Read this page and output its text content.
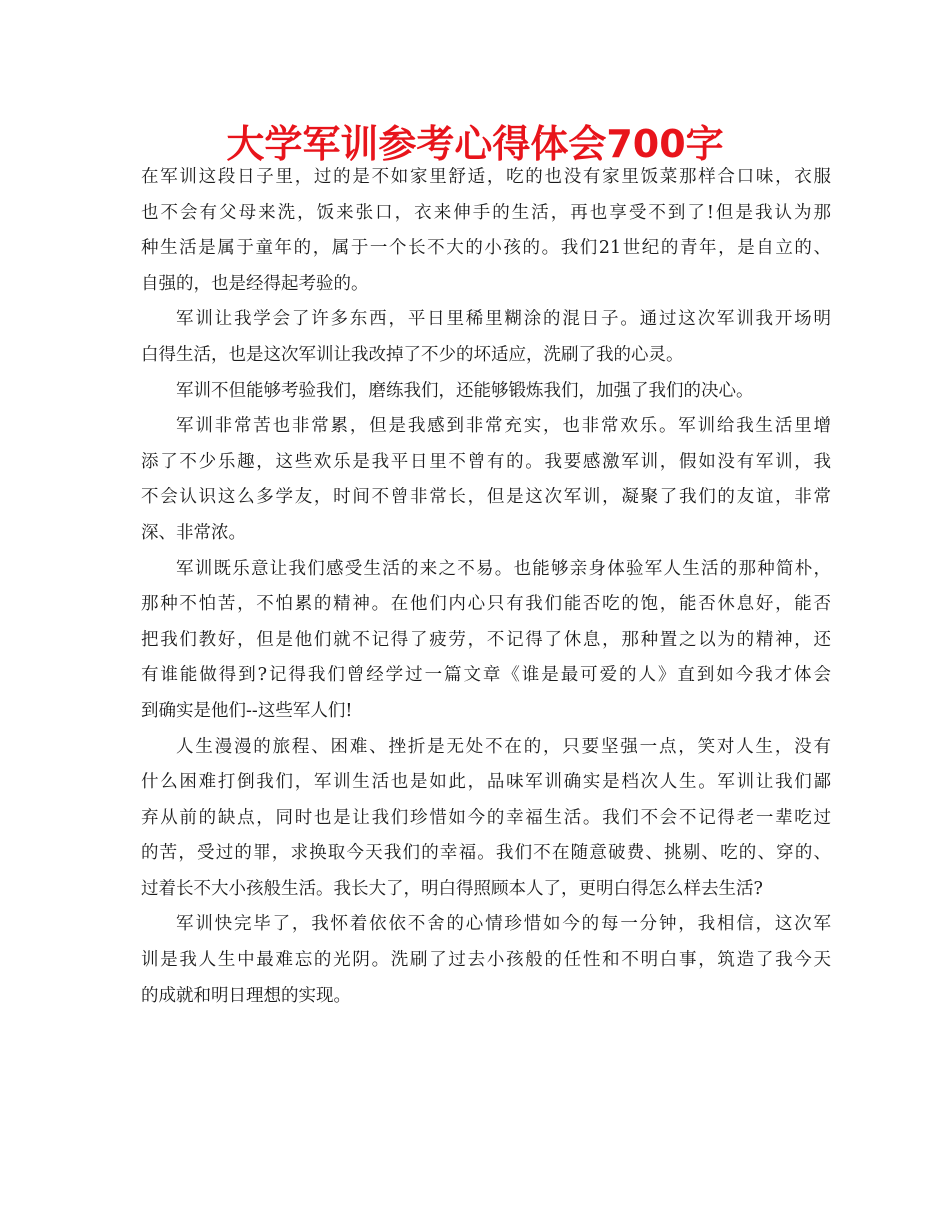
大学军训参考心得体会700字
在军训这段日子里，过的是不如家里舒适，吃的也没有家里饭菜那样合口味，衣服
也不会有父母来洗，饭来张口，衣来伸手的生活，再也享受不到了!但是我认为那
种生活是属于童年的，属于一个长不大的小孩的。我们21世纪的青年，是自立的、
自强的，也是经得起考验的。
军训让我学会了许多东西，平日里稀里糊涂的混日子。通过这次军训我开场明
白得生活，也是这次军训让我改掉了不少的坏适应，洗刷了我的心灵。
军训不但能够考验我们，磨练我们，还能够锻炼我们，加强了我们的决心。
军训非常苦也非常累，但是我感到非常充实，也非常欢乐。军训给我生活里增
添了不少乐趣，这些欢乐是我平日里不曾有的。我要感激军训，假如没有军训，我
不会认识这么多学友，时间不曾非常长，但是这次军训，凝聚了我们的友谊，非常
深、非常浓。
军训既乐意让我们感受生活的来之不易。也能够亲身体验军人生活的那种简朴，
那种不怕苦，不怕累的精神。在他们内心只有我们能否吃的饱，能否休息好，能否
把我们教好，但是他们就不记得了疲劳，不记得了休息，那种置之以为的精神，还
有谁能做得到?记得我们曾经学过一篇文章《谁是最可爱的人》直到如今我才体会
到确实是他们--这些军人们!
人生漫漫的旅程、困难、挫折是无处不在的，只要坚强一点，笑对人生，没有
什么困难打倒我们，军训生活也是如此，品味军训确实是档次人生。军训让我们鄙
弃从前的缺点，同时也是让我们珍惜如今的幸福生活。我们不会不记得老一辈吃过
的苦，受过的罪，求换取今天我们的幸福。我们不在随意破费、挑剔、吃的、穿的、
过着长不大小孩般生活。我长大了，明白得照顾本人了，更明白得怎么样去生活?
军训快完毕了，我怀着依依不舍的心情珍惜如今的每一分钟，我相信，这次军
训是我人生中最难忘的光阴。洗刷了过去小孩般的任性和不明白事，筑造了我今天
的成就和明日理想的实现。
